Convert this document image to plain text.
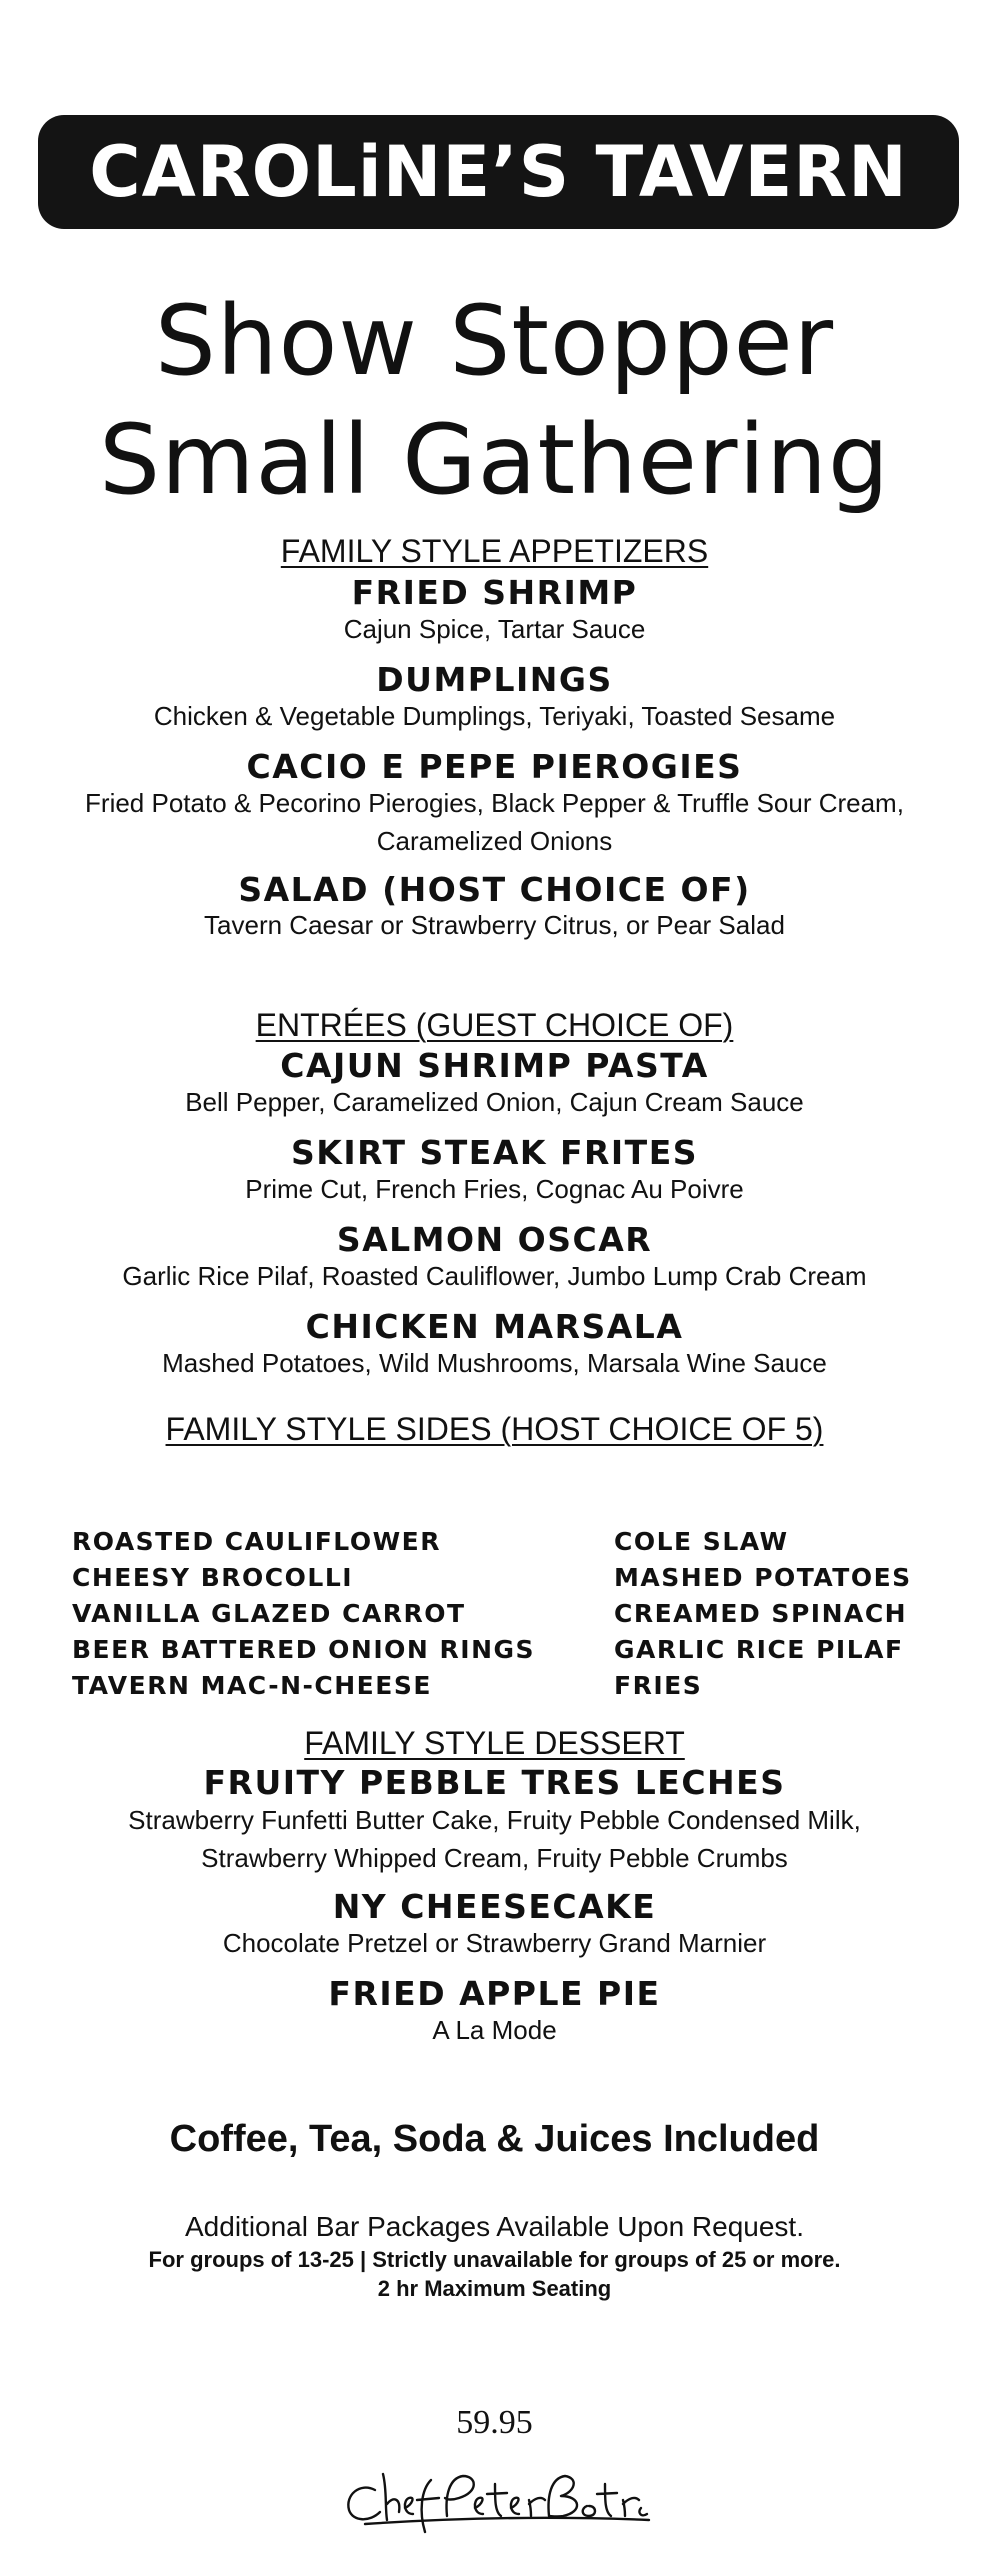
CAROLiNE’S TAVERN
Show Stopper
Small Gathering
FAMILY STYLE APPETIZERS
FRIED SHRIMP
Cajun Spice, Tartar Sauce
DUMPLINGS
Chicken & Vegetable Dumplings, Teriyaki, Toasted Sesame
CACIO E PEPE PIEROGIES
Fried Potato & Pecorino Pierogies, Black Pepper & Truffle Sour Cream,
Caramelized Onions
SALAD (HOST CHOICE OF)
Tavern Caesar or Strawberry Citrus, or Pear Salad
ENTRÉES (GUEST CHOICE OF)
CAJUN SHRIMP PASTA
Bell Pepper, Caramelized Onion, Cajun Cream Sauce
SKIRT STEAK FRITES
Prime Cut, French Fries, Cognac Au Poivre
SALMON OSCAR
Garlic Rice Pilaf, Roasted Cauliflower, Jumbo Lump Crab Cream
CHICKEN MARSALA
Mashed Potatoes, Wild Mushrooms, Marsala Wine Sauce
FAMILY STYLE SIDES (HOST CHOICE OF 5)
ROASTED CAULIFLOWER
CHEESY BROCOLLI
VANILLA GLAZED CARROT
BEER BATTERED ONION RINGS
TAVERN MAC-N-CHEESE
COLE SLAW
MASHED POTATOES
CREAMED SPINACH
GARLIC RICE PILAF
FRIES
FAMILY STYLE DESSERT
FRUITY PEBBLE TRES LECHES
Strawberry Funfetti Butter Cake, Fruity Pebble Condensed Milk,
Strawberry Whipped Cream, Fruity Pebble Crumbs
NY CHEESECAKE
Chocolate Pretzel or Strawberry Grand Marnier
FRIED APPLE PIE
A La Mode
Coffee, Tea, Soda & Juices Included
Additional Bar Packages Available Upon Request.
For groups of 13-25 | Strictly unavailable for groups of 25 or more.
2 hr Maximum Seating
59.95
